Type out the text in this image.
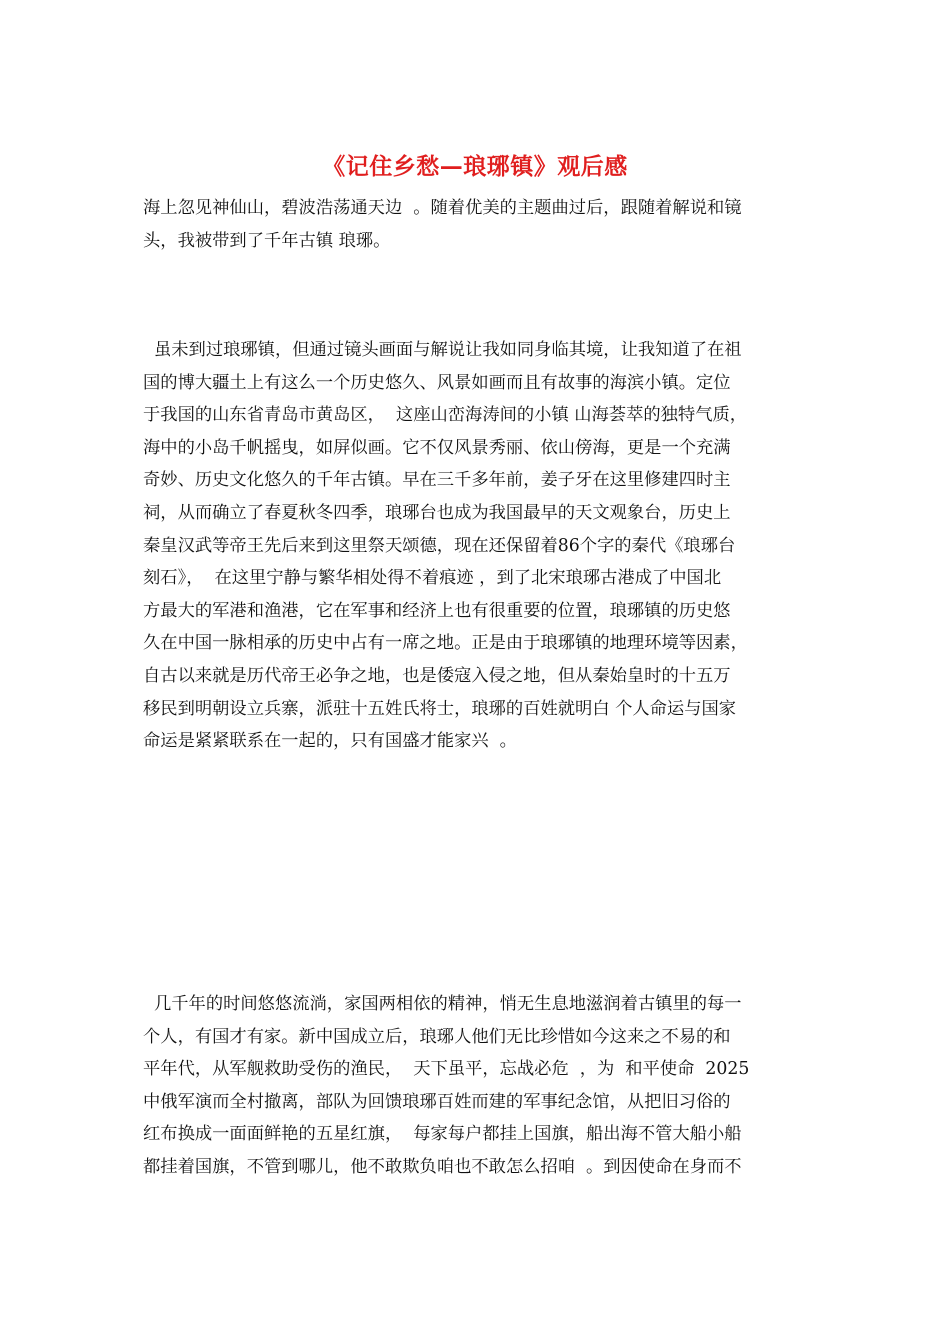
《记住乡愁—琅琊镇》观后感
海上忽见神仙山，碧波浩荡通天边  。随着优美的主题曲过后，跟随着解说和镜
头，我被带到了千年古镇 琅琊。
虽未到过琅琊镇，但通过镜头画面与解说让我如同身临其境，让我知道了在祖
国的博大疆土上有这么一个历史悠久、风景如画而且有故事的海滨小镇。定位
于我国的山东省青岛市黄岛区，  这座山峦海涛间的小镇 山海荟萃的独特气质，
海中的小岛千帆摇曳，如屏似画。它不仅风景秀丽、依山傍海，更是一个充满
奇妙、历史文化悠久的千年古镇。早在三千多年前，姜子牙在这里修建四时主
祠，从而确立了春夏秋冬四季，琅琊台也成为我国最早的天文观象台，历史上
秦皇汉武等帝王先后来到这里祭天颂德，现在还保留着86个字的秦代《琅琊台
刻石》，  在这里宁静与繁华相处得不着痕迹 ，到了北宋琅琊古港成了中国北
方最大的军港和渔港，它在军事和经济上也有很重要的位置，琅琊镇的历史悠
久在中国一脉相承的历史中占有一席之地。正是由于琅琊镇的地理环境等因素，
自古以来就是历代帝王必争之地，也是倭寇入侵之地，但从秦始皇时的十五万
移民到明朝设立兵寨，派驻十五姓氏将士，琅琊的百姓就明白 个人命运与国家
命运是紧紧联系在一起的，只有国盛才能家兴  。
几千年的时间悠悠流淌，家国两相依的精神，悄无生息地滋润着古镇里的每一
个人，有国才有家。新中国成立后，琅琊人他们无比珍惜如今这来之不易的和
平年代，从军舰救助受伤的渔民，  天下虽平，忘战必危  ，为  和平使命  2025
中俄军演而全村撤离，部队为回馈琅琊百姓而建的军事纪念馆，从把旧习俗的
红布换成一面面鲜艳的五星红旗，  每家每户都挂上国旗，船出海不管大船小船
都挂着国旗，不管到哪儿，他不敢欺负咱也不敢怎么招咱  。到因使命在身而不
